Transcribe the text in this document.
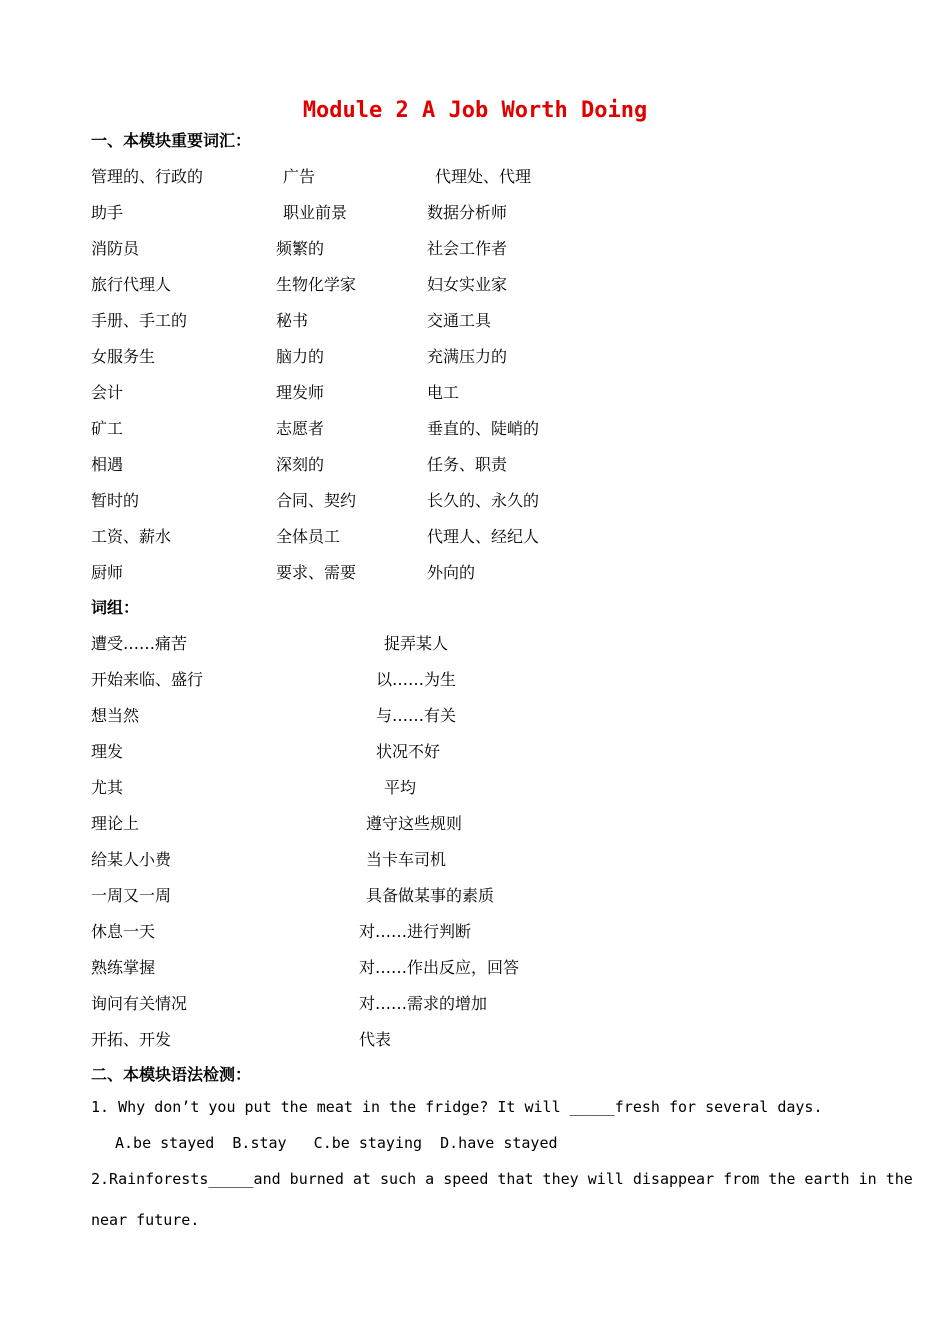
Module 2 A Job Worth Doing
一、本模块重要词汇：
管理的、行政的	广告	代理处、代理
助手	职业前景	数据分析师
消防员	频繁的	社会工作者
旅行代理人	生物化学家	妇女实业家
手册、手工的	秘书	交通工具
女服务生	脑力的	充满压力的
会计	理发师	电工
矿工	志愿者	垂直的、陡峭的
相遇	深刻的	任务、职责
暂时的	合同、契约	长久的、永久的
工资、薪水	全体员工	代理人、经纪人
厨师	要求、需要	外向的
词组：
遭受……痛苦	捉弄某人
开始来临、盛行	以……为生
想当然	与……有关
理发	状况不好
尤其	平均
理论上	遵守这些规则
给某人小费	当卡车司机
一周又一周	具备做某事的素质
休息一天	对……进行判断
熟练掌握	对……作出反应，回答
询问有关情况	对……需求的增加
开拓、开发	代表
二、本模块语法检测：
1. Why don’t you put the meat in the fridge? It will _____fresh for several days.
A.be stayed  B.stay   C.be staying  D.have stayed
2.Rainforests_____and burned at such a speed that they will disappear from the earth in the
near future.
